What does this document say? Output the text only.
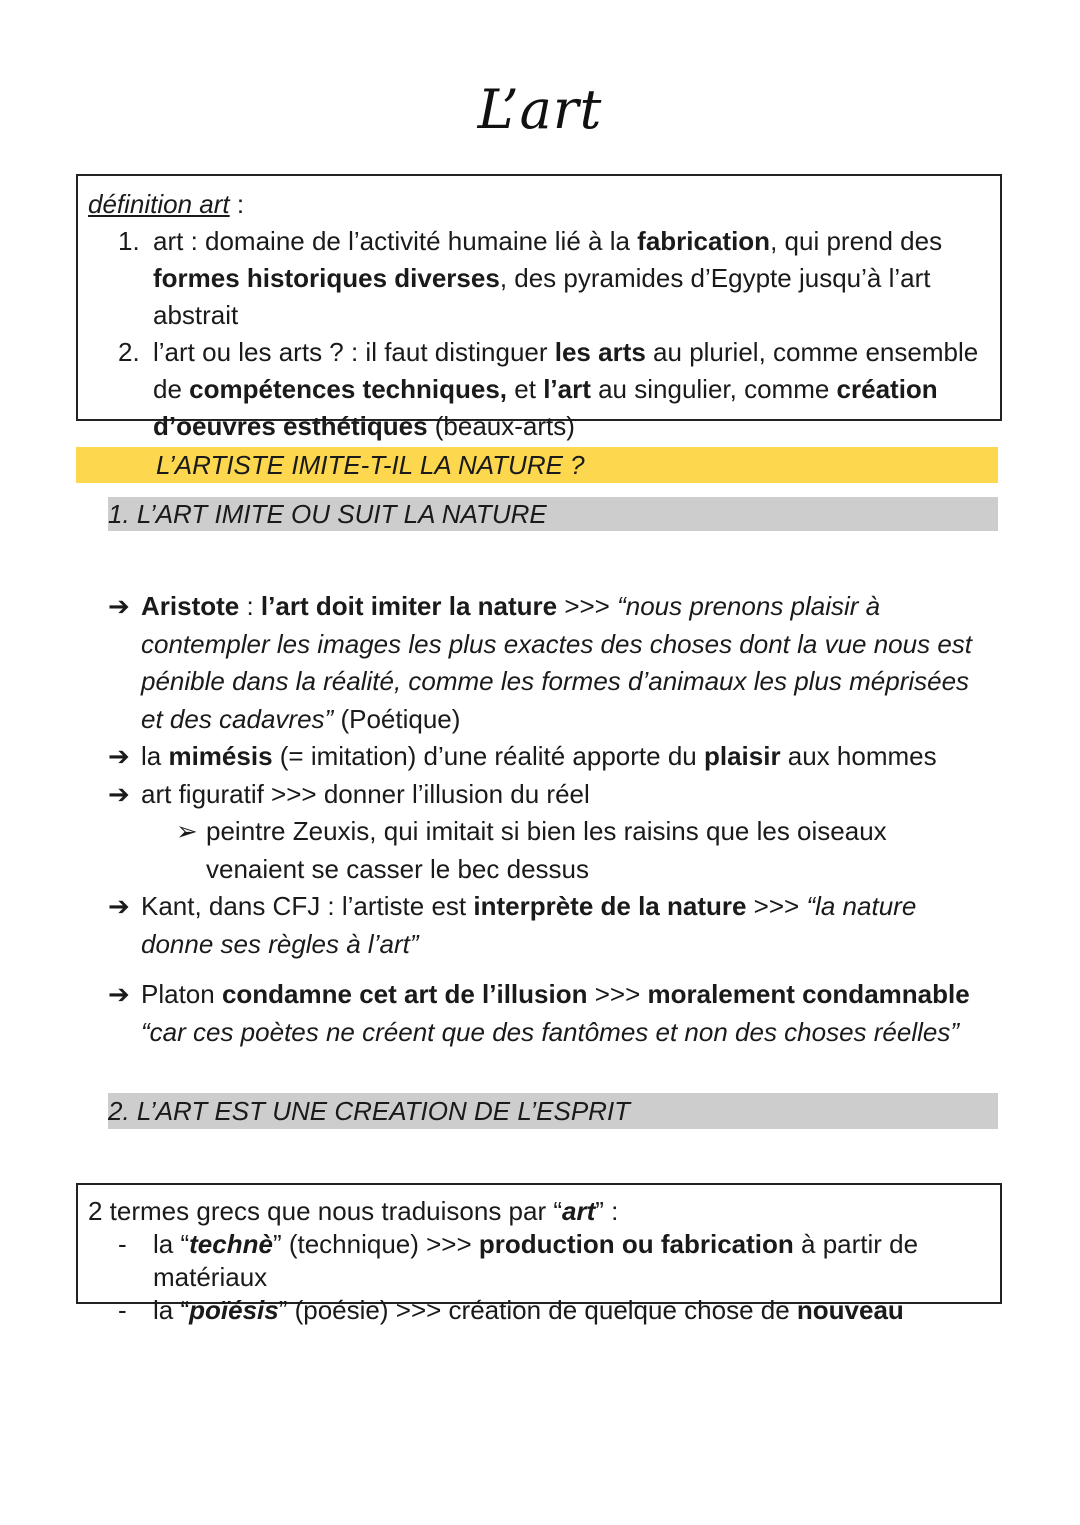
L’art
définition art :
1. art : domaine de l’activité humaine lié à la fabrication, qui prend des formes historiques diverses, des pyramides d’Egypte jusqu’à l’art abstrait
2. l’art ou les arts ? : il faut distinguer les arts au pluriel, comme ensemble de compétences techniques, et l’art au singulier, comme création d’oeuvres esthétiques (beaux-arts)
L’ARTISTE IMITE-T-IL LA NATURE ?
1. L’ART IMITE OU SUIT LA NATURE
➔ Aristote : l’art doit imiter la nature >>> “nous prenons plaisir à contempler les images les plus exactes des choses dont la vue nous est pénible dans la réalité, comme les formes d’animaux les plus méprisées et des cadavres” (Poétique)
➔ la mimésis (= imitation) d’une réalité apporte du plaisir aux hommes
➔ art figuratif >>> donner l’illusion du réel
➢ peintre Zeuxis, qui imitait si bien les raisins que les oiseaux venaient se casser le bec dessus
➔ Kant, dans CFJ : l’artiste est interprète de la nature >>> “la nature donne ses règles à l’art”
➔ Platon condamne cet art de l’illusion >>> moralement condamnable “car ces poètes ne créent que des fantômes et non des choses réelles”
2. L’ART EST UNE CREATION DE L’ESPRIT
2 termes grecs que nous traduisons par “art” :
- la “technè” (technique) >>> production ou fabrication à partir de matériaux
- la “poïésis” (poésie) >>> création de quelque chose de nouveau
